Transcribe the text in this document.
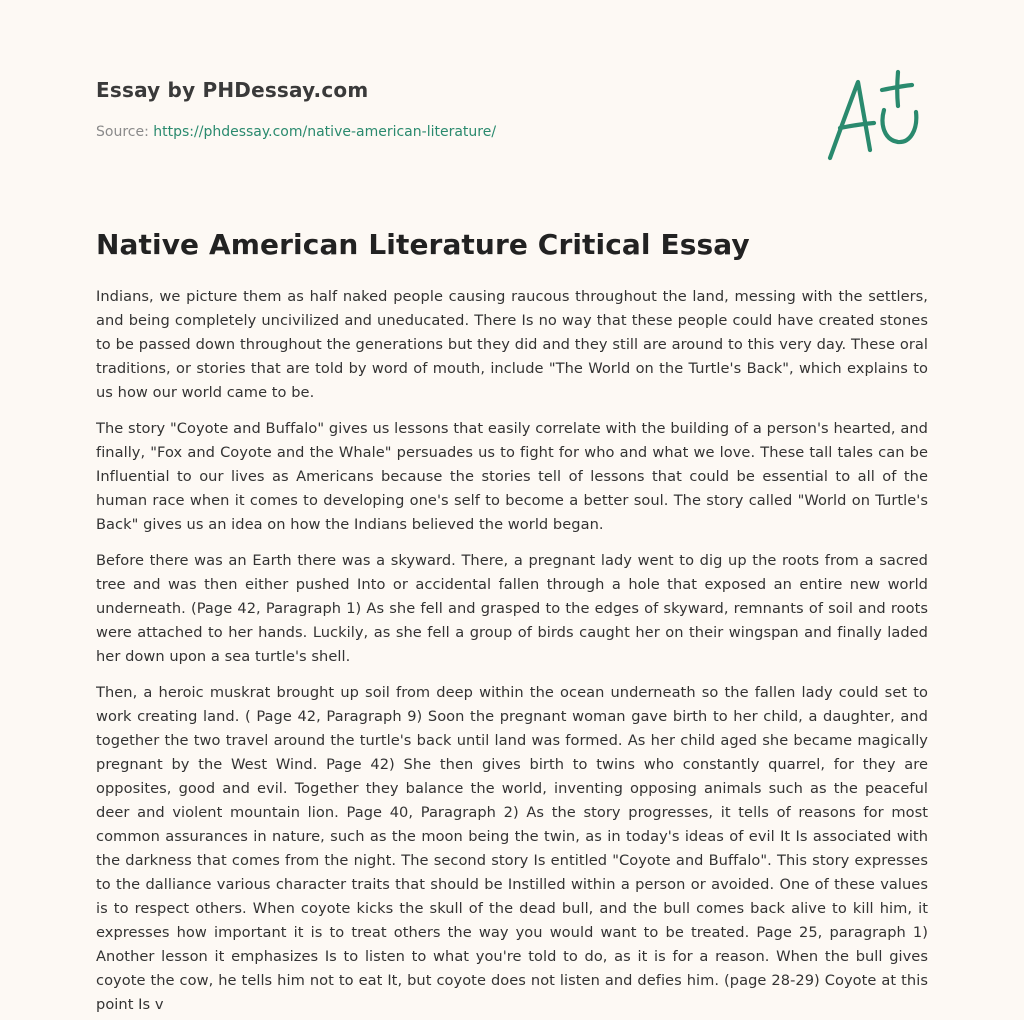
Essay by PHDessay.com
Source: https://phdessay.com/native-american-literature/
Native American Literature Critical Essay

Indians, we picture them as half naked people causing raucous throughout the land, messing with the settlers, and being completely uncivilized and uneducated. There Is no way that these people could have created stones to be passed down throughout the generations but they did and they still are around to this very day. These oral traditions, or stories that are told by word of mouth, include "The World on the Turtle's Back", which explains to us how our world came to be.

The story "Coyote and Buffalo" gives us lessons that easily correlate with the building of a person's hearted, and finally, "Fox and Coyote and the Whale" persuades us to fight for who and what we love. These tall tales can be Influential to our lives as Americans because the stories tell of lessons that could be essential to all of the human race when it comes to developing one's self to become a better soul. The story called "World on Turtle's Back" gives us an idea on how the Indians believed the world began.

Before there was an Earth there was a skyward. There, a pregnant lady went to dig up the roots from a sacred tree and was then either pushed Into or accidental fallen through a hole that exposed an entire new world underneath. (Page 42, Paragraph 1) As she fell and grasped to the edges of skyward, remnants of soil and roots were attached to her hands. Luckily, as she fell a group of birds caught her on their wingspan and finally laded her down upon a sea turtle's shell.

Then, a heroic muskrat brought up soil from deep within the ocean underneath so the fallen lady could set to work creating land. ( Page 42, Paragraph 9) Soon the pregnant woman gave birth to her child, a daughter, and together the two travel around the turtle's back until land was formed. As her child aged she became magically pregnant by the West Wind. Page 42) She then gives birth to twins who constantly quarrel, for they are opposites, good and evil. Together they balance the world, inventing opposing animals such as the peaceful deer and violent mountain lion. Page 40, Paragraph 2) As the story progresses, it tells of reasons for most common assurances in nature, such as the moon being the twin, as in today's ideas of evil It Is associated with the darkness that comes from the night. The second story Is entitled "Coyote and Buffalo". This story expresses to the dalliance various character traits that should be Instilled within a person or avoided. One of these values is to respect others. When coyote kicks the skull of the dead bull, and the bull comes back alive to kill him, it expresses how important it is to treat others the way you would want to be treated. Page 25, paragraph 1) Another lesson it emphasizes Is to listen to what you're told to do, as it is for a reason. When the bull gives coyote the cow, he tells him not to eat It, but coyote does not listen and defies him. (page 28-29) Coyote at this point Is v
